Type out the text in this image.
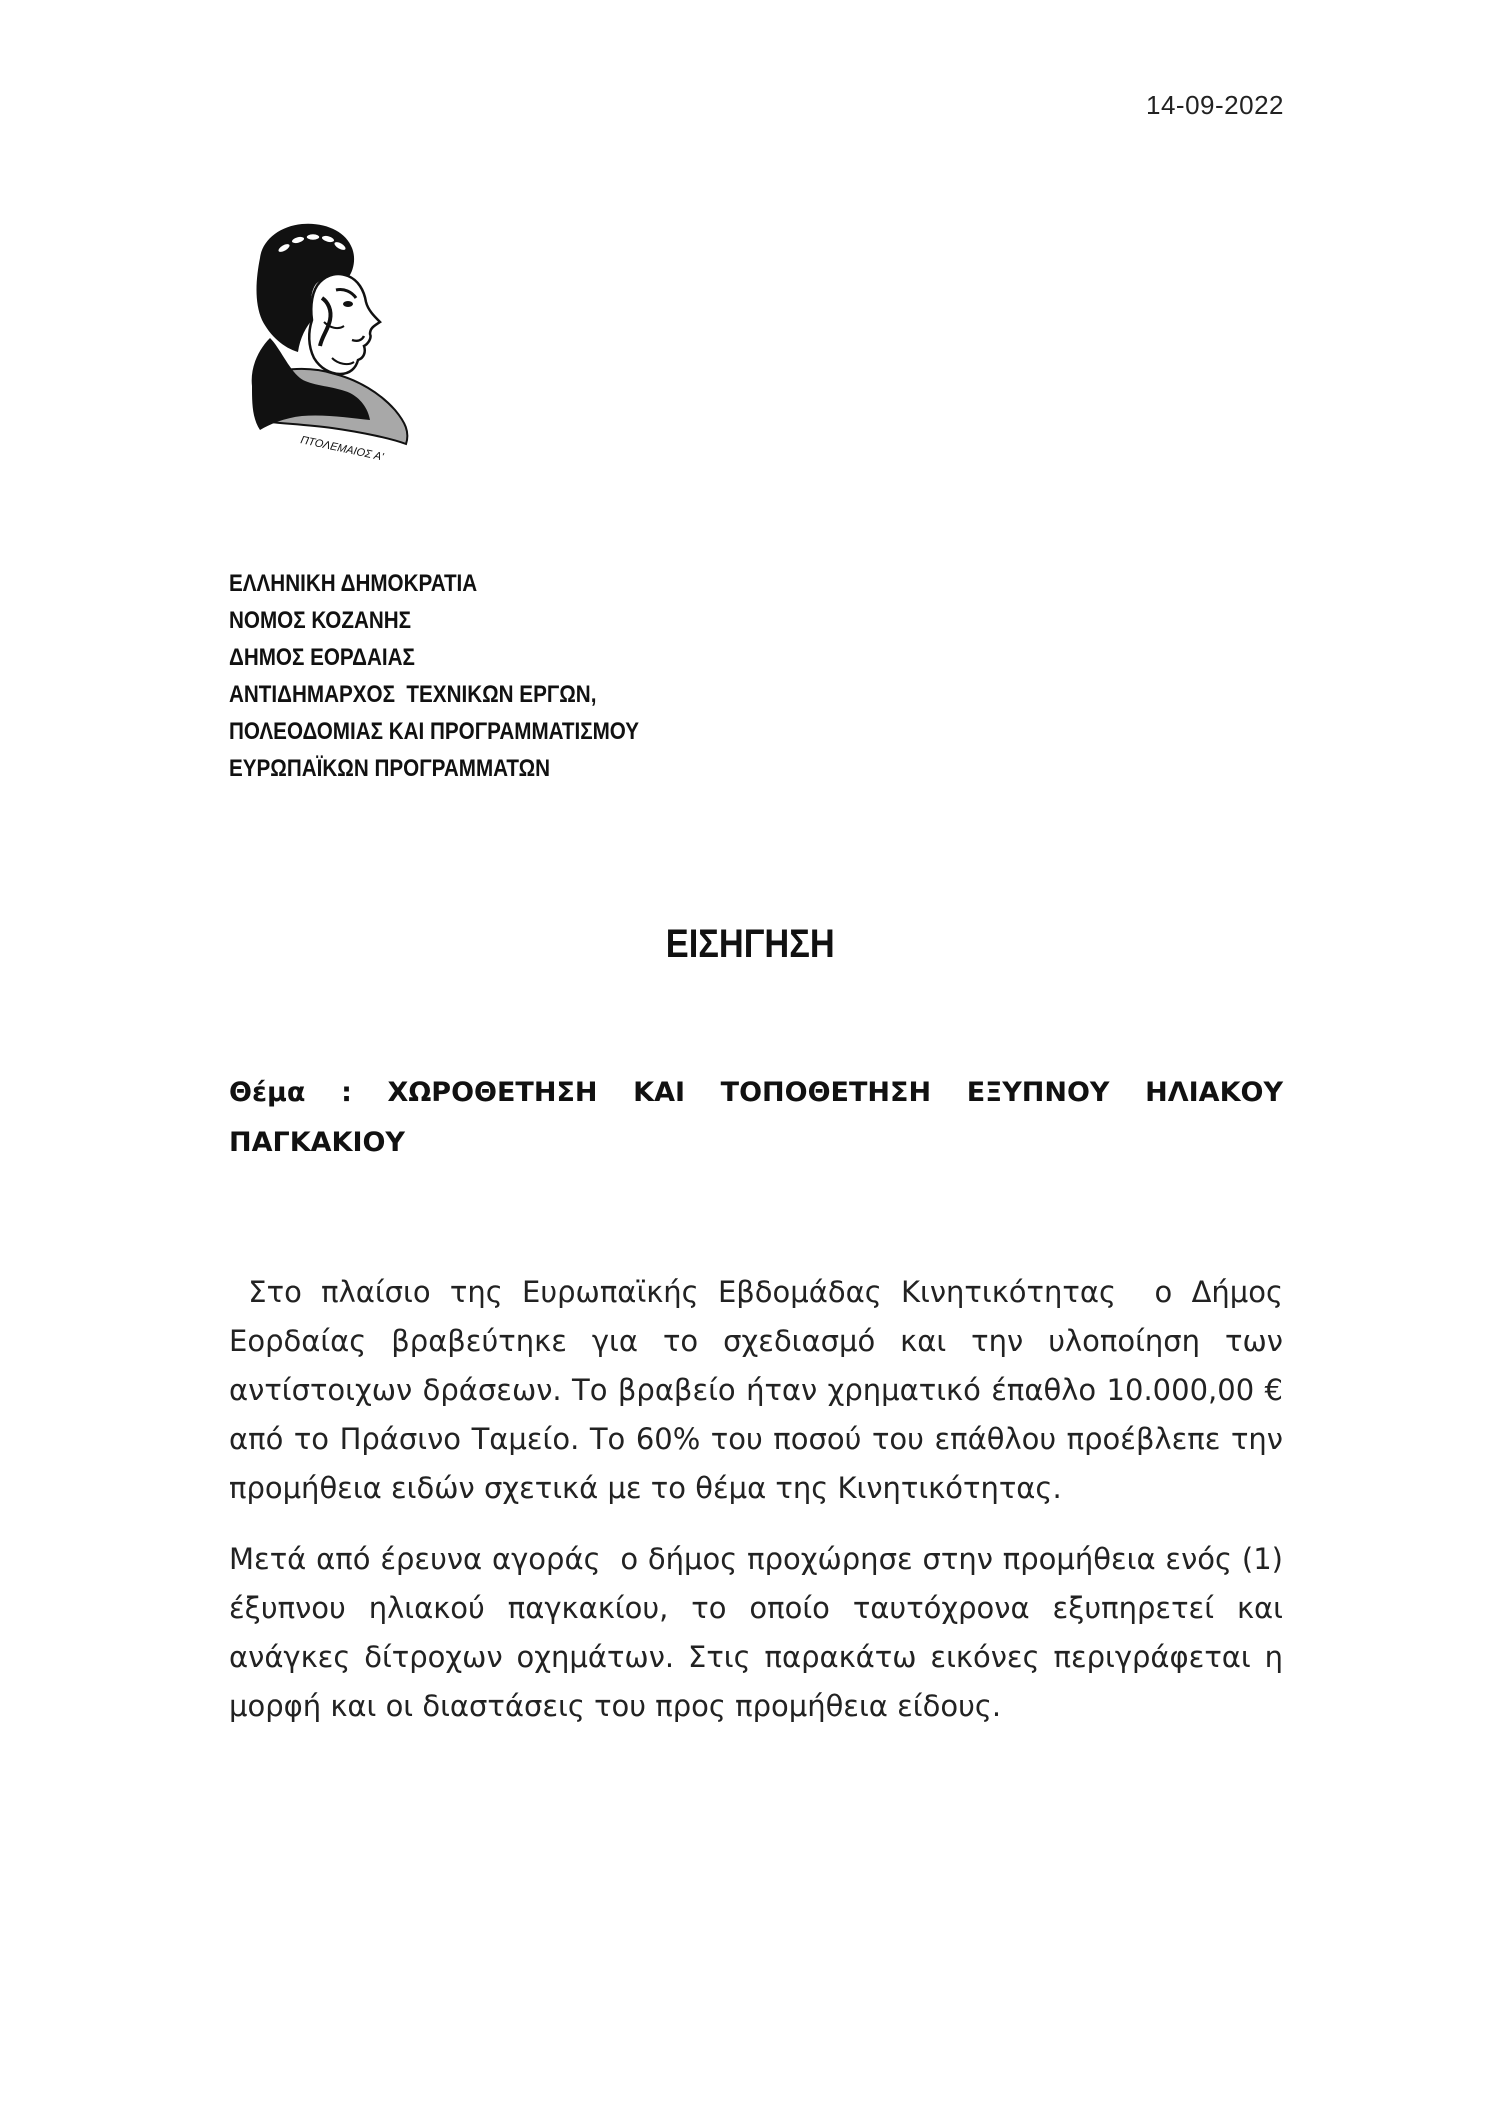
14-09-2022
ΠΤΟΛΕΜΑΙΟΣ Α'
ΕΛΛΗΝΙΚΗ ΔΗΜΟΚΡΑΤΙΑ
ΝΟΜΟΣ ΚΟΖΑΝΗΣ
ΔΗΜΟΣ ΕΟΡΔΑΙΑΣ
ΑΝΤΙΔΗΜΑΡΧΟΣ  ΤΕΧΝΙΚΩΝ ΕΡΓΩΝ,
ΠΟΛΕΟΔΟΜΙΑΣ ΚΑΙ ΠΡΟΓΡΑΜΜΑΤΙΣΜΟΥ
ΕΥΡΩΠΑΪΚΩΝ ΠΡΟΓΡΑΜΜΑΤΩΝ
ΕΙΣΗΓΗΣΗ
Θέμα : ΧΩΡΟΘΕΤΗΣΗ ΚΑΙ ΤΟΠΟΘΕΤΗΣΗ ΕΞΥΠΝΟΥ ΗΛΙΑΚΟΥ
ΠΑΓΚΑΚΙΟΥ

Στο πλαίσιο της Ευρωπαϊκής Εβδομάδας Κινητικότητας  ο Δήμος Εορδαίας βραβεύτηκε για το σχεδιασμό και την υλοποίηση των αντίστοιχων δράσεων. Το βραβείο ήταν χρηματικό έπαθλο 10.000,00 € από το Πράσινο Ταμείο. Το 60% του ποσού του επάθλου προέβλεπε την προμήθεια ειδών σχετικά με το θέμα της Κινητικότητας.

Μετά από έρευνα αγοράς  ο δήμος προχώρησε στην προμήθεια ενός (1) έξυπνου ηλιακού παγκακίου, το οποίο ταυτόχρονα εξυπηρετεί και ανάγκες δίτροχων οχημάτων. Στις παρακάτω εικόνες περιγράφεται η μορφή και οι διαστάσεις του προς προμήθεια είδους.
